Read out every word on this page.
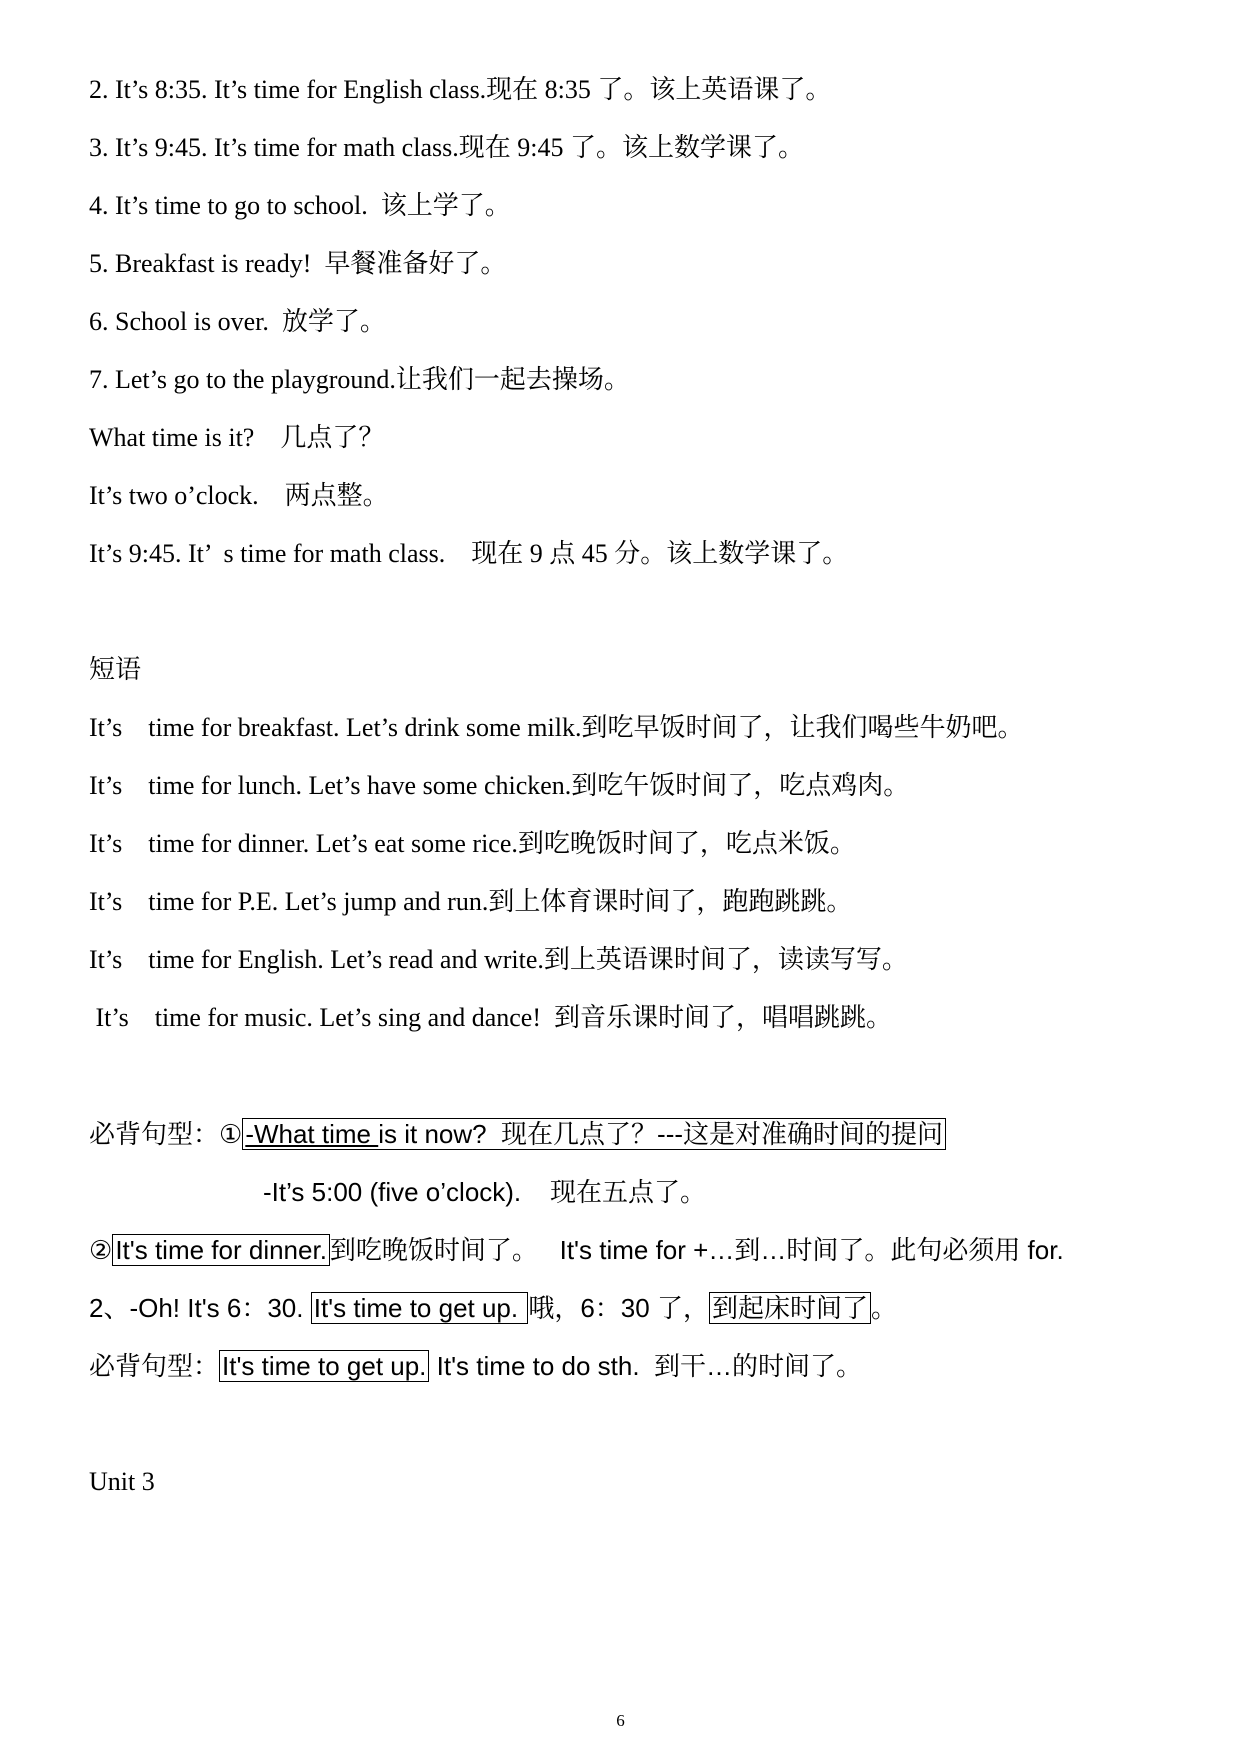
2. It’s 8:35. It’s time for English class.现在 8:35 了。该上英语课了。
3. It’s 9:45. It’s time for math class.现在 9:45 了。该上数学课了。
4. It’s time to go to school.  该上学了。
5. Breakfast is ready!  早餐准备好了。
6. School is over.  放学了。
7. Let’s go to the playground.让我们一起去操场。
What time is it?    几点了？
It’s two o’clock.    两点整。
It’s 9:45. It’  s time for math class.    现在 9 点 45 分。该上数学课了。
短语
It’s    time for breakfast. Let’s drink some milk.到吃早饭时间了，让我们喝些牛奶吧。
It’s    time for lunch. Let’s have some chicken.到吃午饭时间了，吃点鸡肉。
It’s    time for dinner. Let’s eat some rice.到吃晚饭时间了，吃点米饭。
It’s    time for P.E. Let’s jump and run.到上体育课时间了，跑跑跳跳。
It’s    time for English. Let’s read and write.到上英语课时间了，读读写写。
It’s    time for music. Let’s sing and dance!  到音乐课时间了，唱唱跳跳。
必背句型：① -What time is it now?  现在几点了？---这是对准确时间的提问
-It’s 5:00 (five o’clock).    现在五点了。
② It's time for dinner. 到吃晚饭时间了。   It's time for +…到…时间了。此句必须用 for.
2、-Oh! It's 6：30. It's time to get up. 哦，6：30 了， 到起床时间了 。
必背句型： It's time to get up. It's time to do sth.  到干…的时间了。
Unit 3
6
